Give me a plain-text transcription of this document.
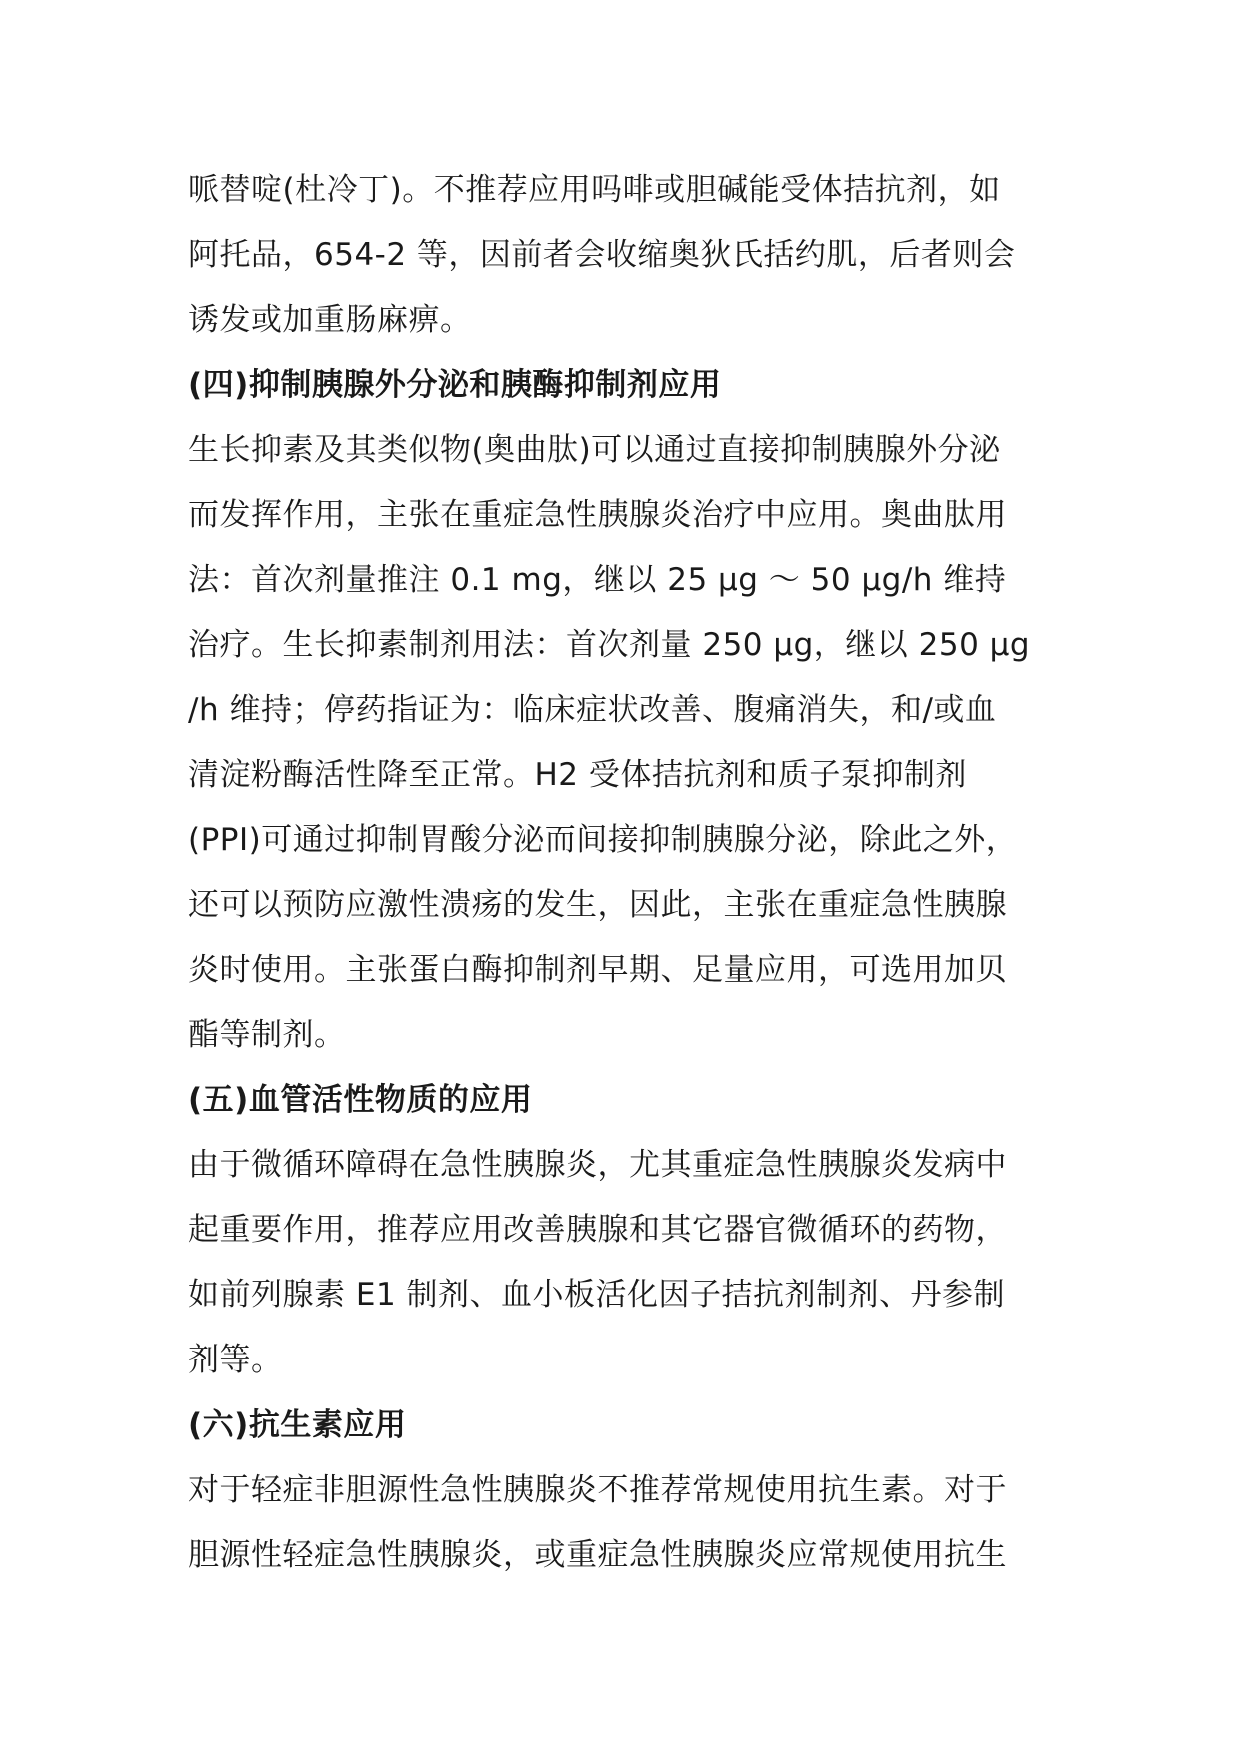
哌替啶(杜冷丁)。不推荐应用吗啡或胆碱能受体拮抗剂，如
阿托品，654-2 等，因前者会收缩奥狄氏括约肌，后者则会
诱发或加重肠麻痹。
(四)抑制胰腺外分泌和胰酶抑制剂应用
生长抑素及其类似物(奥曲肽)可以通过直接抑制胰腺外分泌
而发挥作用，主张在重症急性胰腺炎治疗中应用。奥曲肽用
法：首次剂量推注 0.1 mg，继以 25 μg ～ 50 μg/h 维持
治疗。生长抑素制剂用法：首次剂量 250 μg，继以 250 μg
/h 维持；停药指证为：临床症状改善、腹痛消失，和/或血
清淀粉酶活性降至正常。H2 受体拮抗剂和质子泵抑制剂
(PPI)可通过抑制胃酸分泌而间接抑制胰腺分泌，除此之外，
还可以预防应激性溃疡的发生，因此，主张在重症急性胰腺
炎时使用。主张蛋白酶抑制剂早期、足量应用，可选用加贝
酯等制剂。
(五)血管活性物质的应用
由于微循环障碍在急性胰腺炎，尤其重症急性胰腺炎发病中
起重要作用，推荐应用改善胰腺和其它器官微循环的药物，
如前列腺素 E1 制剂、血小板活化因子拮抗剂制剂、丹参制
剂等。
(六)抗生素应用
对于轻症非胆源性急性胰腺炎不推荐常规使用抗生素。对于
胆源性轻症急性胰腺炎，或重症急性胰腺炎应常规使用抗生
